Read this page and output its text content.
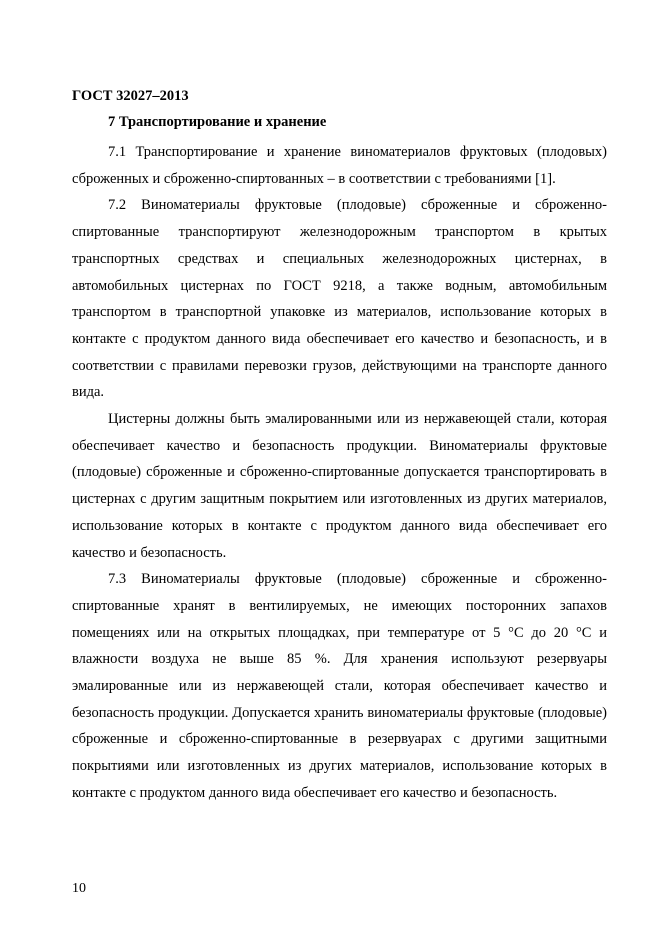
ГОСТ 32027–2013
7 Транспортирование и хранение

7.1 Транспортирование и хранение виноматериалов фруктовых (плодовых) сброженных и сброженно-спиртованных – в соответствии с требованиями [1].

7.2 Виноматериалы фруктовые (плодовые) сброженные и сброженно-спиртованные транспортируют железнодорожным транспортом в крытых транспортных средствах и специальных железнодорожных цистернах, в автомобильных цистернах по ГОСТ 9218, а также водным, автомобильным транспортом в транспортной упаковке из материалов, использование которых в контакте с продуктом данного вида обеспечивает его качество и безопасность, и в соответствии с правилами перевозки грузов, действующими на транспорте данного вида.

Цистерны должны быть эмалированными или из нержавеющей стали, которая обеспечивает качество и безопасность продукции. Виноматериалы фруктовые (плодовые) сброженные и сброженно-спиртованные допускается транспортировать в цистернах с другим защитным покрытием или изготовленных из других материалов, использование которых в контакте с продуктом данного вида обеспечивает его качество и безопасность.

7.3 Виноматериалы фруктовые (плодовые) сброженные и сброженно-спиртованные хранят в вентилируемых, не имеющих посторонних запахов помещениях или на открытых площадках, при температуре от 5 °С до 20 °С и влажности воздуха не выше 85 %. Для хранения используют резервуары эмалированные или из нержавеющей стали, которая обеспечивает качество и безопасность продукции. Допускается хранить виноматериалы фруктовые (плодовые) сброженные и сброженно-спиртованные в резервуарах с другими защитными покрытиями или изготовленных из других материалов, использование которых в контакте с продуктом данного вида обеспечивает его качество и безопасность.

10
